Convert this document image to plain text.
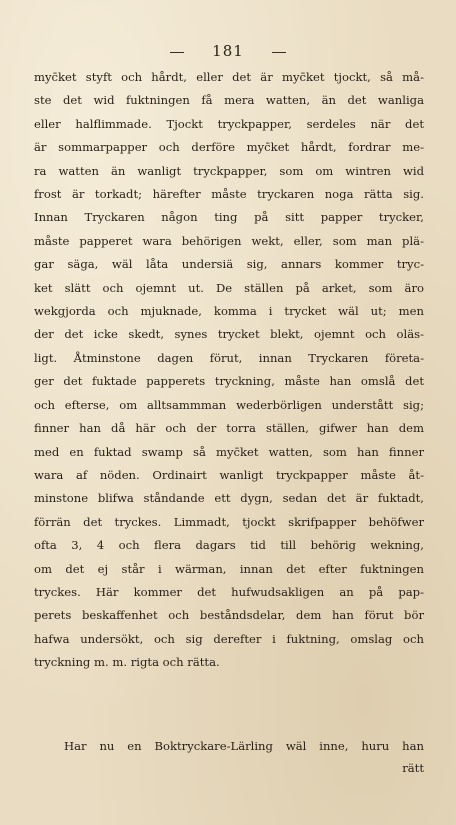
181
myc̄ket styft och hårdt, eller det är myc̄ket tjockt, så må-
ste det wid fuktningen få mera watten, än det wanliga
eller halflimmade. Tjockt tryckpapper, serdeles när det
är sommarpapper och derföre myc̄ket hårdt, fordrar me-
ra watten än wanligt tryckpapper, som om wintren wid
frost är torkadt; härefter måste tryckaren noga rätta sig.
Innan Tryckaren någon ting på sitt papper trycker,
måste papperet wara behörigen wekt, eller, som man plä-
gar säga, wäl låta undersiä sig, annars kommer tryc-
ket slätt och ojemnt ut. De ställen på arket, som äro
wekgjorda och mjuknade, komma i trycket wäl ut; men
der det icke skedt, synes trycket blekt, ojemnt och oläs-
ligt. Åtminstone dagen förut, innan Tryckaren företa-
ger det fuktade papperets tryckning, måste han omslå det
och efterse, om alltsammman wederbörligen understått sig;
finner han då här och der torra ställen, gifwer han dem
med en fuktad swamp så myc̄ket watten, som han finner
wara af nöden. Ordinairt wanligt tryckpapper måste åt-
minstone blifwa ståndande ett dygn, sedan det är fuktadt,
förrän det tryckes. Limmadt, tjockt skrifpapper behöfwer
ofta 3, 4 och flera dagars tid till behörig wekning,
om det ej står i wärman, innan det efter fuktningen
tryckes. Här kommer det hufwudsakligen an på pap-
perets beskaffenhet och beståndsdelar, dem han förut bör
hafwa undersökt, och sig derefter i fuktning, omslag och
tryckning m. m. rigta och rätta.
Har nu en Boktryckare-Lärling wäl inne, huru han
rätt
